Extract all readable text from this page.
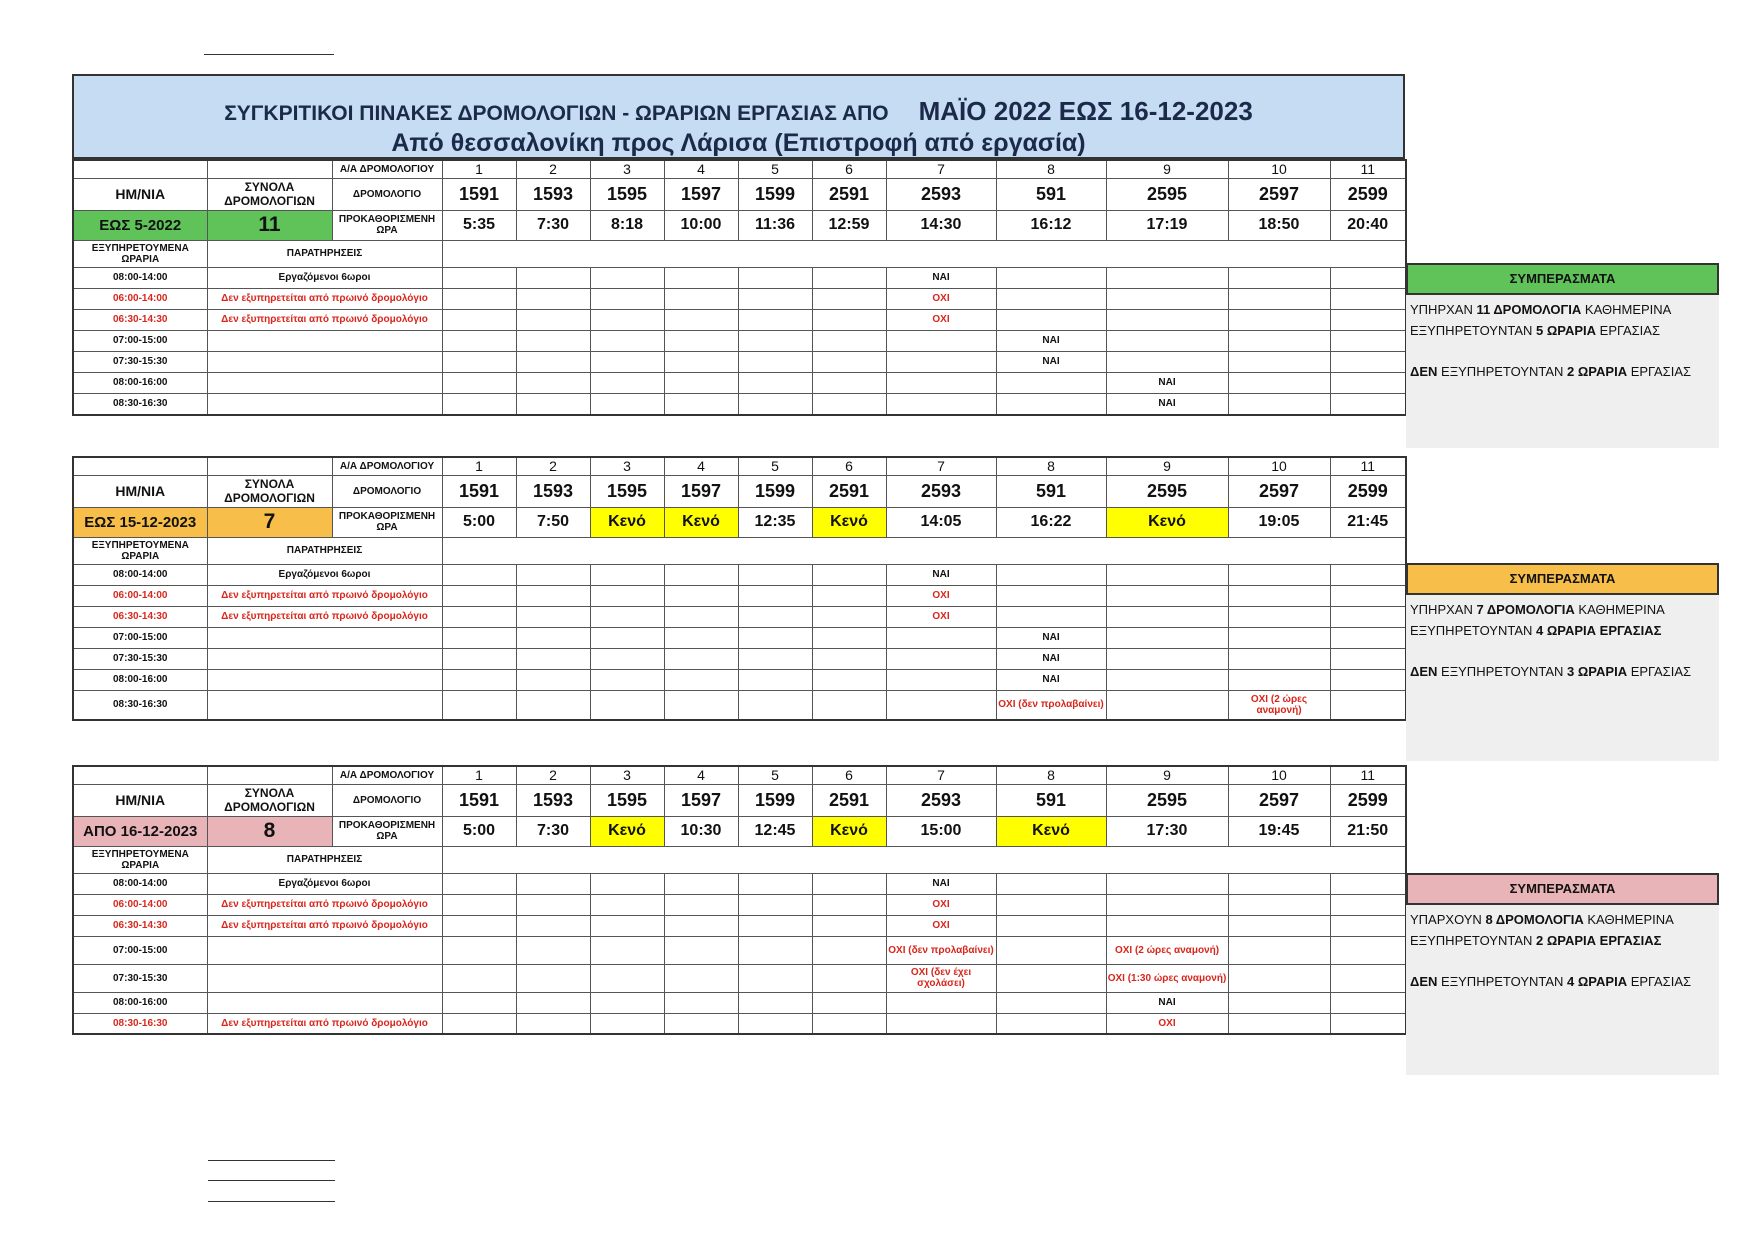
ΣΥΓΚΡΙΤΙΚΟΙ ΠΙΝΑΚΕΣ ΔΡΟΜΟΛΟΓΙΩΝ - ΩΡΑΡΙΩΝ ΕΡΓΑΣΙΑΣ ΑΠΟ ΜΑΪΟ 2022 ΕΩΣ 16-12-2023
Από θεσσαλονίκη προς Λάρισα (Επιστροφή από εργασία)
		Α/Α ΔΡΟΜΟΛΟΓΙΟΥ	1	2	3	4	5	6	7	8	9	10	11
ΗΜ/ΝΙΑ	ΣΥΝΟΛΑ ΔΡΟΜΟΛΟΓΙΩΝ	ΔΡΟΜΟΛΟΓΙΟ	1591	1593	1595	1597	1599	2591	2593	591	2595	2597	2599
ΕΩΣ 5-2022	11	ΠΡΟΚΑΘΟΡΙΣΜΕΝΗ ΩΡΑ	5:35	7:30	8:18	10:00	11:36	12:59	14:30	16:12	17:19	18:50	20:40
ΕΞΥΠΗΡΕΤΟΥΜΕΝΑ ΩΡΑΡΙΑ	ΠΑΡΑΤΗΡΗΣΕΙΣ												
08:00-14:00	Εργαζόμενοι 6ωροι								ΝΑΙ				
06:00-14:00	Δεν εξυπηρετείται από πρωινό δρομολόγιο								ΟΧΙ				
06:30-14:30	Δεν εξυπηρετείται από πρωινό δρομολόγιο								ΟΧΙ				
07:00-15:00										ΝΑΙ			
07:30-15:30										ΝΑΙ			
08:00-16:00											ΝΑΙ		
08:30-16:30											ΝΑΙ		
ΣΥΜΠΕΡΑΣΜΑΤΑ
ΥΠΗΡΧΑΝ 11 ΔΡΟΜΟΛΟΓΙΑ ΚΑΘΗΜΕΡΙΝΑ
ΕΞΥΠΗΡΕΤΟΥΝΤΑΝ 5 ΩΡΑΡΙΑ ΕΡΓΑΣΙΑΣ
ΔΕΝ ΕΞΥΠΗΡΕΤΟΥΝΤΑΝ 2 ΩΡΑΡΙΑ ΕΡΓΑΣΙΑΣ
		Α/Α ΔΡΟΜΟΛΟΓΙΟΥ	1	2	3	4	5	6	7	8	9	10	11
ΗΜ/ΝΙΑ	ΣΥΝΟΛΑ ΔΡΟΜΟΛΟΓΙΩΝ	ΔΡΟΜΟΛΟΓΙΟ	1591	1593	1595	1597	1599	2591	2593	591	2595	2597	2599
ΕΩΣ 15-12-2023	7	ΠΡΟΚΑΘΟΡΙΣΜΕΝΗ ΩΡΑ	5:00	7:50	Κενό	Κενό	12:35	Κενό	14:05	16:22	Κενό	19:05	21:45
ΕΞΥΠΗΡΕΤΟΥΜΕΝΑ ΩΡΑΡΙΑ	ΠΑΡΑΤΗΡΗΣΕΙΣ												
08:00-14:00	Εργαζόμενοι 6ωροι								ΝΑΙ				
06:00-14:00	Δεν εξυπηρετείται από πρωινό δρομολόγιο								ΟΧΙ				
06:30-14:30	Δεν εξυπηρετείται από πρωινό δρομολόγιο								ΟΧΙ				
07:00-15:00										ΝΑΙ			
07:30-15:30										ΝΑΙ			
08:00-16:00										ΝΑΙ			
08:30-16:30										ΟΧΙ (δεν προλαβαίνει)		ΟΧΙ (2 ώρες αναμονή)	
ΣΥΜΠΕΡΑΣΜΑΤΑ
ΥΠΗΡΧΑΝ 7 ΔΡΟΜΟΛΟΓΙΑ ΚΑΘΗΜΕΡΙΝΑ
ΕΞΥΠΗΡΕΤΟΥΝΤΑΝ 4 ΩΡΑΡΙΑ ΕΡΓΑΣΙΑΣ
ΔΕΝ ΕΞΥΠΗΡΕΤΟΥΝΤΑΝ 3 ΩΡΑΡΙΑ ΕΡΓΑΣΙΑΣ
		Α/Α ΔΡΟΜΟΛΟΓΙΟΥ	1	2	3	4	5	6	7	8	9	10	11
ΗΜ/ΝΙΑ	ΣΥΝΟΛΑ ΔΡΟΜΟΛΟΓΙΩΝ	ΔΡΟΜΟΛΟΓΙΟ	1591	1593	1595	1597	1599	2591	2593	591	2595	2597	2599
ΑΠΟ 16-12-2023	8	ΠΡΟΚΑΘΟΡΙΣΜΕΝΗ ΩΡΑ	5:00	7:30	Κενό	10:30	12:45	Κενό	15:00	Κενό	17:30	19:45	21:50
ΕΞΥΠΗΡΕΤΟΥΜΕΝΑ ΩΡΑΡΙΑ	ΠΑΡΑΤΗΡΗΣΕΙΣ												
08:00-14:00	Εργαζόμενοι 6ωροι								ΝΑΙ				
06:00-14:00	Δεν εξυπηρετείται από πρωινό δρομολόγιο								ΟΧΙ				
06:30-14:30	Δεν εξυπηρετείται από πρωινό δρομολόγιο								ΟΧΙ				
07:00-15:00									ΟΧΙ (δεν προλαβαίνει)		ΟΧΙ (2 ώρες αναμονή)		
07:30-15:30									ΟΧΙ (δεν έχει σχολάσει)		ΟΧΙ (1:30 ώρες αναμονή)		
08:00-16:00											ΝΑΙ		
08:30-16:30	Δεν εξυπηρετείται από πρωινό δρομολόγιο										ΟΧΙ		
ΣΥΜΠΕΡΑΣΜΑΤΑ
ΥΠΑΡΧΟΥΝ 8 ΔΡΟΜΟΛΟΓΙΑ ΚΑΘΗΜΕΡΙΝΑ
ΕΞΥΠΗΡΕΤΟΥΝΤΑΝ 2 ΩΡΑΡΙΑ ΕΡΓΑΣΙΑΣ
ΔΕΝ ΕΞΥΠΗΡΕΤΟΥΝΤΑΝ 4 ΩΡΑΡΙΑ ΕΡΓΑΣΙΑΣ
